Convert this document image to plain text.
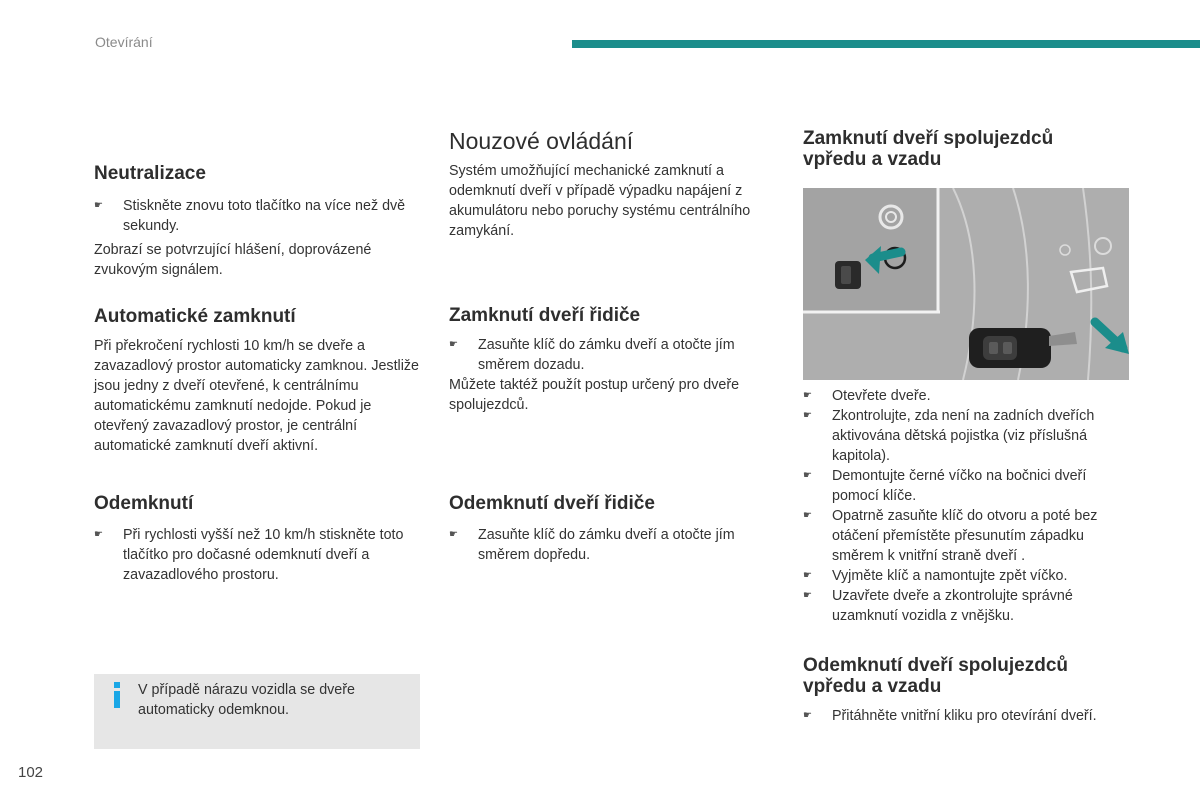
Otevírání
Neutralizace
☛ Stiskněte znovu toto tlačítko na více než dvě sekundy.

Zobrazí se potvrzující hlášení, doprovázené zvukovým signálem.

Automatické zamknutí

Při překročení rychlosti 10 km/h se dveře a zavazadlový prostor automaticky zamknou. Jestliže jsou jedny z dveří otevřené, k centrálnímu automatickému zamknutí nedojde. Pokud je otevřený zavazadlový prostor, je centrální automatické zamknutí dveří aktivní.

Odemknutí
☛ Při rychlosti vyšší než 10 km/h stiskněte toto tlačítko pro dočasné odemknutí dveří a zavazadlového prostoru.
V případě nárazu vozidla se dveře automaticky odemknou.
Nouzové ovládání

Systém umožňující mechanické zamknutí a odemknutí dveří v případě výpadku napájení z akumulátoru nebo poruchy systému centrálního zamykání.

Zamknutí dveří řidiče
☛ Zasuňte klíč do zámku dveří a otočte jím směrem dozadu.

Můžete taktéž použít postup určený pro dveře spolujezdců.

Odemknutí dveří řidiče
☛ Zasuňte klíč do zámku dveří a otočte jím směrem dopředu.
Zamknutí dveří spolujezdců
vpředu a vzadu
☛ Otevřete dveře.
☛ Zkontrolujte, zda není na zadních dveřích aktivována dětská pojistka (viz příslušná kapitola).
☛ Demontujte černé víčko na bočnici dveří pomocí klíče.
☛ Opatrně zasuňte klíč do otvoru a poté bez otáčení přemístěte přesunutím západku směrem k vnitřní straně dveří .
☛ Vyjměte klíč a namontujte zpět víčko.
☛ Uzavřete dveře a zkontrolujte správné uzamknutí vozidla z vnějšku.
Odemknutí dveří spolujezdců
vpředu a vzadu
☛ Přitáhněte vnitřní kliku pro otevírání dveří.
102
